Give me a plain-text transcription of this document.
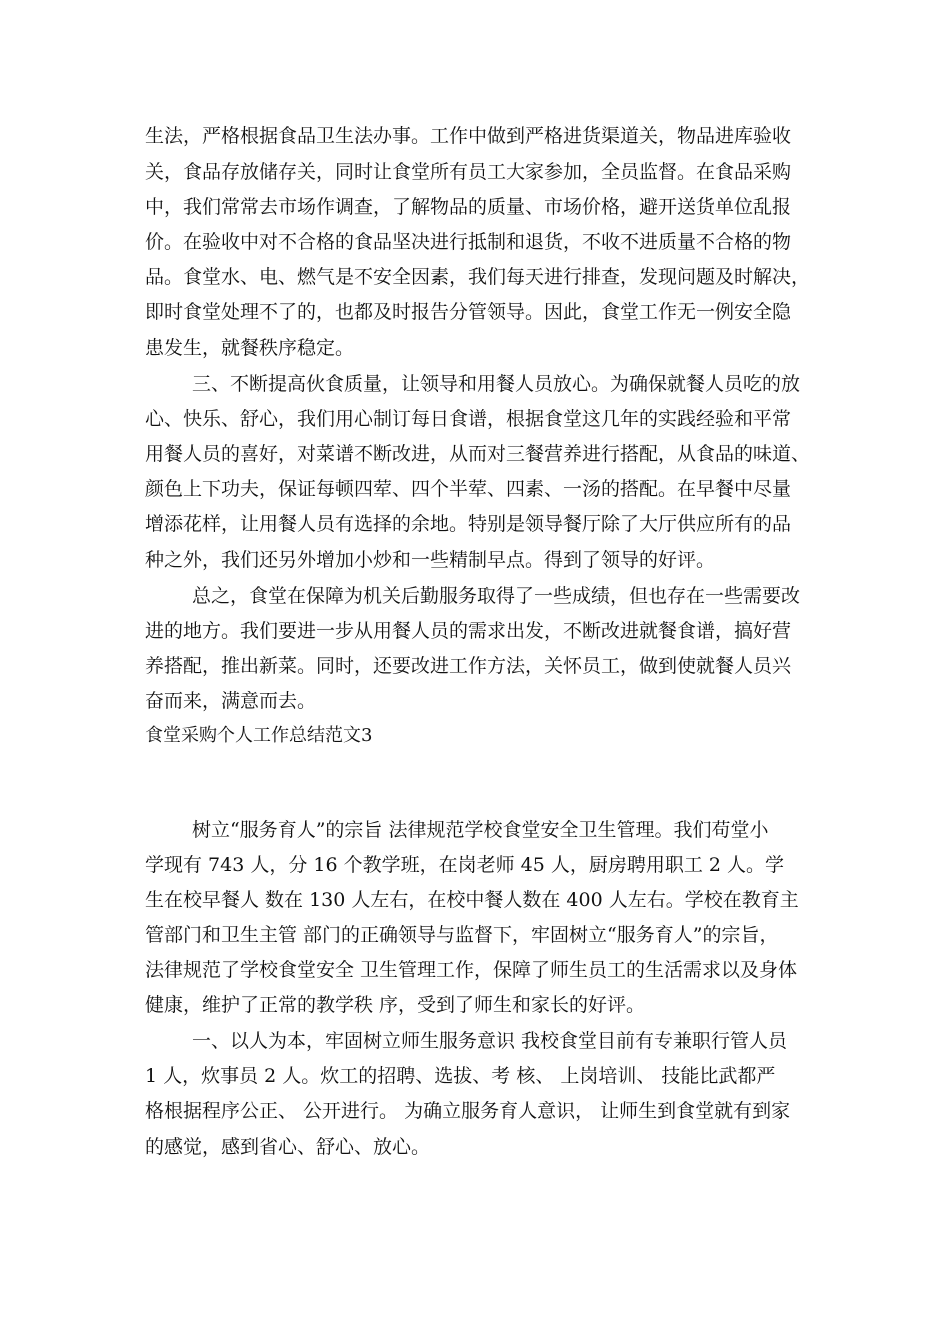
生法，严格根据食品卫生法办事。工作中做到严格进货渠道关，物品进库验收
关，食品存放储存关，同时让食堂所有员工大家参加，全员监督。在食品采购
中，我们常常去市场作调查，了解物品的质量、市场价格，避开送货单位乱报
价。在验收中对不合格的食品坚决进行抵制和退货，不收不进质量不合格的物
品。食堂水、电、燃气是不安全因素，我们每天进行排查，发现问题及时解决，
即时食堂处理不了的，也都及时报告分管领导。因此，食堂工作无一例安全隐
患发生，就餐秩序稳定。
三、不断提高伙食质量，让领导和用餐人员放心。为确保就餐人员吃的放
心、快乐、舒心，我们用心制订每日食谱，根据食堂这几年的实践经验和平常
用餐人员的喜好，对菜谱不断改进，从而对三餐营养进行搭配，从食品的味道、
颜色上下功夫，保证每顿四荤、四个半荤、四素、一汤的搭配。在早餐中尽量
增添花样，让用餐人员有选择的余地。特别是领导餐厅除了大厅供应所有的品
种之外，我们还另外增加小炒和一些精制早点。得到了领导的好评。
总之，食堂在保障为机关后勤服务取得了一些成绩，但也存在一些需要改
进的地方。我们要进一步从用餐人员的需求出发，不断改进就餐食谱，搞好营
养搭配，推出新菜。同时，还要改进工作方法，关怀员工，做到使就餐人员兴
奋而来，满意而去。
食堂采购个人工作总结范文3
树立“服务育人”的宗旨 法律规范学校食堂安全卫生管理。我们苟堂小
学现有 743 人，分 16 个教学班，在岗老师 45 人，厨房聘用职工 2 人。学
生在校早餐人 数在 130 人左右，在校中餐人数在 400 人左右。学校在教育主
管部门和卫生主管 部门的正确领导与监督下，牢固树立“服务育人”的宗旨，
法律规范了学校食堂安全 卫生管理工作，保障了师生员工的生活需求以及身体
健康，维护了正常的教学秩 序，受到了师生和家长的好评。
一、以人为本，牢固树立师生服务意识 我校食堂目前有专兼职行管人员
1 人，炊事员 2 人。炊工的招聘、选拔、考 核、 上岗培训、 技能比武都严
格根据程序公正、 公开进行。 为确立服务育人意识， 让师生到食堂就有到家
的感觉，感到省心、舒心、放心。
